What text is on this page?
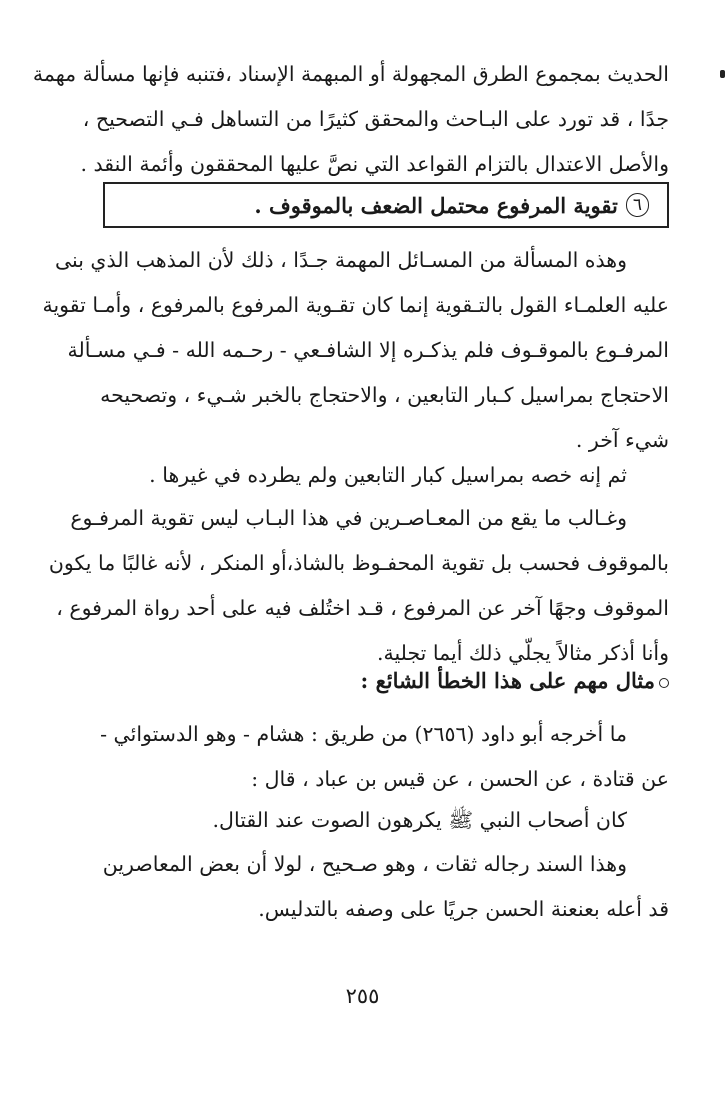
الحديث بمجموع الطرق المجهولة أو المبهمة الإسناد ،فتنبه فإنها مسألة مهمة
جدًا ، قد تورد على البـاحث والمحقق كثيرًا من التساهل فـي التصحيح ،
والأصل الاعتدال بالتزام القواعد التي نصَّ عليها المحققون وأئمة النقد .
٦
تقوية المرفوع محتمل الضعف بالموقوف .
وهذه المسألة من المسـائل المهمة جـدًا ، ذلك لأن المذهب الذي بنى
عليه العلمـاء القول بالتـقوية إنما كان تقـوية المرفوع بالمرفوع ، وأمـا تقوية
المرفـوع بالموقـوف فلم يذكـره إلا الشافـعي - رحـمه الله - فـي مسـألة
الاحتجاج بمراسيل كـبار التابعين ، والاحتجاج بالخبر شـيء ، وتصحيحه
شيء آخر .
ثم إنه خصه بمراسيل كبار التابعين ولم يطرده في غيرها .
وغـالب ما يقع من المعـاصـرين في هذا البـاب ليس تقوية المرفـوع
بالموقوف فحسب بل تقوية المحفـوظ بالشاذ،أو المنكر ، لأنه غالبًا ما يكون
الموقوف وجهًا آخر عن المرفوع ، قـد اختُلف فيه على أحد رواة المرفوع ،
وأنا أذكر مثالاً يجلّي ذلك أيما تجلية.
مثال مهم على هذا الخطأ الشائع :
ما أخرجه أبو داود (٢٦٥٦) من طريق : هشام - وهو الدستوائي -
عن قتادة ، عن الحسن ، عن قيس بن عباد ، قال :
كان أصحاب النبي ﷺ يكرهون الصوت عند القتال.
وهذا السند رجاله ثقات ، وهو صـحيح ، لولا أن بعض المعاصرين
قد أعله بعنعنة الحسن جريًا على وصفه بالتدليس.
٢٥٥
